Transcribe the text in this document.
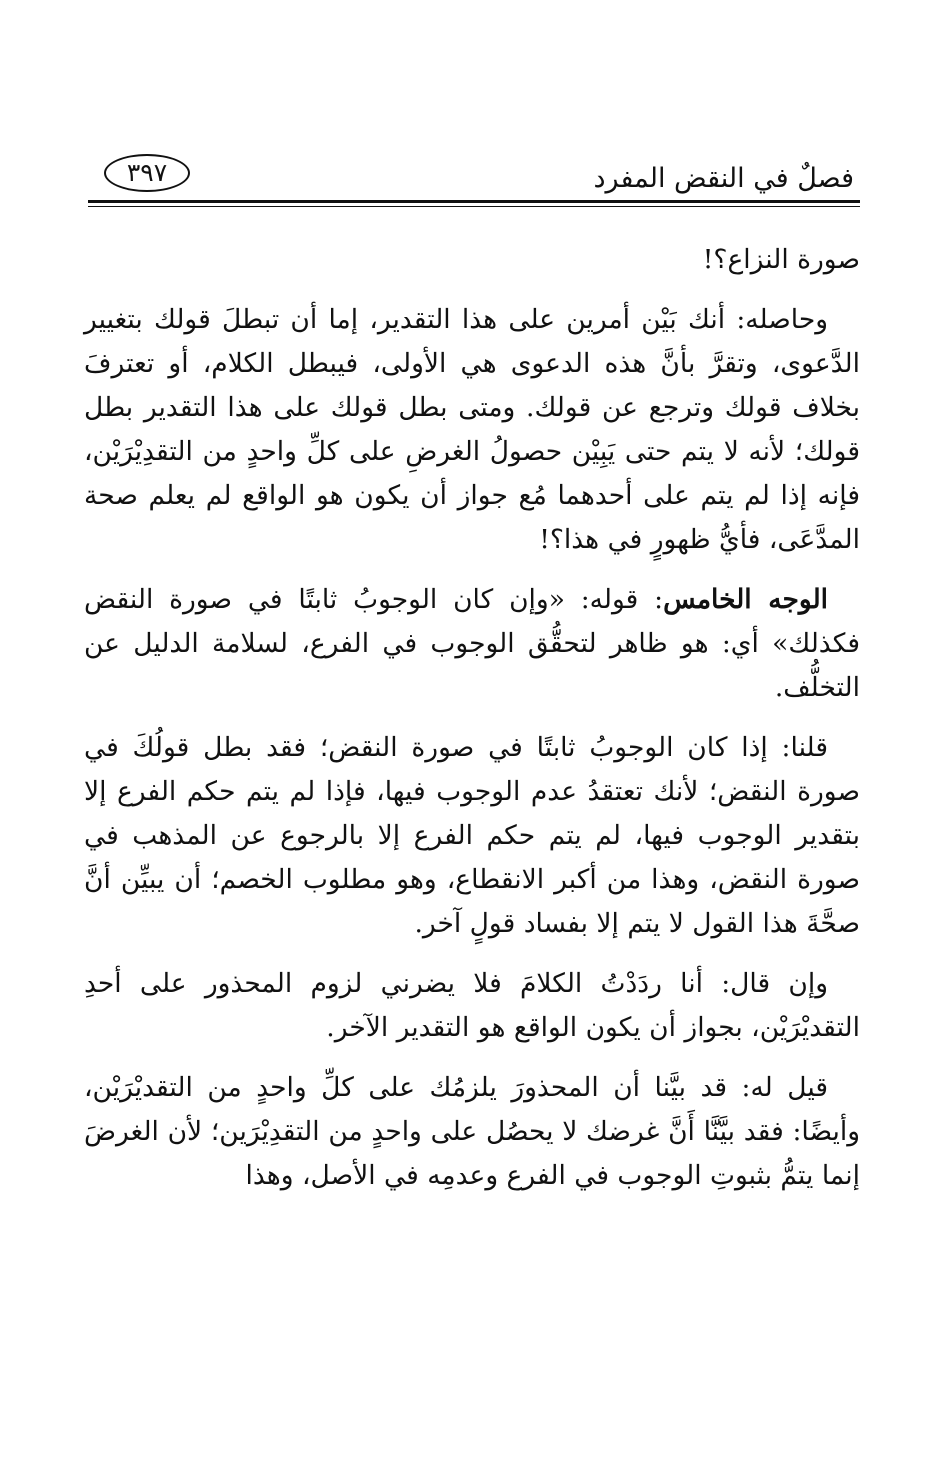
فصلٌ في النقض المفرد
٣٩٧

صورة النزاع؟!

وحاصله: أنك بَيْن أمرين على هذا التقدير، إما أن تبطلَ قولك بتغيير الدَّعوى، وتقرَّ بأنَّ هذه الدعوى هي الأولى، فيبطل الكلام، أو تعترفَ بخلاف قولك وترجع عن قولك. ومتى بطل قولك على هذا التقدير بطل قولك؛ لأنه لا يتم حتى يَبِيْن حصولُ الغرضِ على كلِّ واحدٍ من التقدِيْرَيْن، فإنه إذا لم يتم على أحدهما مُع جواز أن يكون هو الواقع لم يعلم صحة المدَّعَى، فأيُّ ظهورٍ في هذا؟!

الوجه الخامس: قوله: «وإن كان الوجوبُ ثابتًا في صورة النقض فكذلك» أي: هو ظاهر لتحقُّق الوجوب في الفرع، لسلامة الدليل عن التخلُّف.

قلنا: إذا كان الوجوبُ ثابتًا في صورة النقض؛ فقد بطل قولُكَ في صورة النقض؛ لأنك تعتقدُ عدم الوجوب فيها، فإذا لم يتم حكم الفرع إلا بتقدير الوجوب فيها، لم يتم حكم الفرع إلا بالرجوع عن المذهب في صورة النقض، وهذا من أكبر الانقطاع، وهو مطلوب الخصم؛ أن يبيِّن أنَّ صحَّةَ هذا القول لا يتم إلا بفساد قولٍ آخر.

وإن قال: أنا ردَدْتُ الكلامَ فلا يضرني لزوم المحذور على أحدِ التقديْرَيْن، بجواز أن يكون الواقع هو التقدير الآخر.

قيل له: قد بيَّنا أن المحذورَ يلزمُك على كلِّ واحدٍ من التقديْرَيْن، وأيضًا: فقد بيَّنَّا أَنَّ غرضك لا يحصُل على واحدٍ من التقدِيْرَين؛ لأن الغرضَ إنما يتمُّ بثبوتِ الوجوب في الفرع وعدمِه في الأصل، وهذا
